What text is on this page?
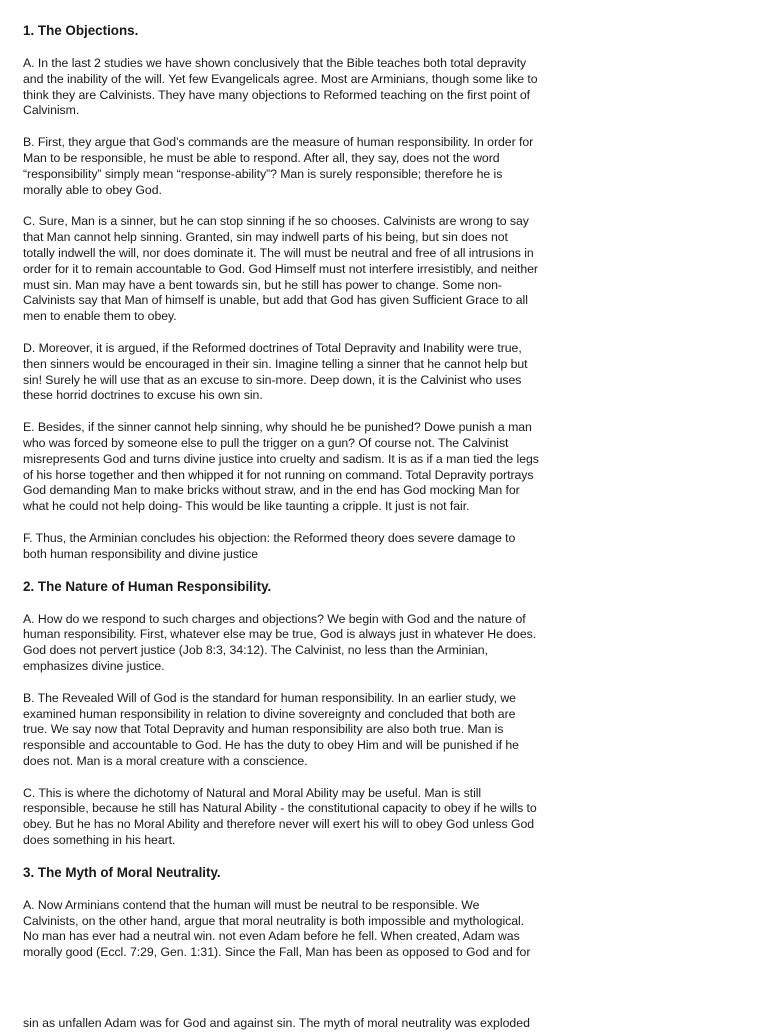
1. The Objections.

A. In the last 2 studies we have shown conclusively that the Bible teaches both total depravity
and the inability of the will. Yet few Evangelicals agree. Most are Arminians, though some like to
think they are Calvinists. They have many objections to Reformed teaching on the first point of
Calvinism.

B. First, they argue that God’s commands are the measure of human responsibility. In order for
Man to be responsible, he must be able to respond. After all, they say, does not the word
“responsibility” simply mean “response-ability”? Man is surely responsible; therefore he is
morally able to obey God.

C. Sure, Man is a sinner, but he can stop sinning if he so chooses. Calvinists are wrong to say
that Man cannot help sinning. Granted, sin may indwell parts of his being, but sin does not
totally indwell the will, nor does dominate it. The will must be neutral and free of all intrusions in
order for it to remain accountable to God. God Himself must not interfere irresistibly, and neither
must sin. Man may have a bent towards sin, but he still has power to change. Some non-
Calvinists say that Man of himself is unable, but add that God has given Sufficient Grace to all
men to enable them to obey.

D. Moreover, it is argued, if the Reformed doctrines of Total Depravity and Inability were true,
then sinners would be encouraged in their sin. Imagine telling a sinner that he cannot help but
sin! Surely he will use that as an excuse to sin-more. Deep down, it is the Calvinist who uses
these horrid doctrines to excuse his own sin.

E. Besides, if the sinner cannot help sinning, why should he be punished? Dowe punish a man
who was forced by someone else to pull the trigger on a gun? Of course not. The Calvinist
misrepresents God and turns divine justice into cruelty and sadism. It is as if a man tied the legs
of his horse together and then whipped it for not running on command. Total Depravity portrays
God demanding Man to make bricks without straw, and in the end has God mocking Man for
what he could not help doing- This would be like taunting a cripple. It just is not fair.

F. Thus, the Arminian concludes his objection: the Reformed theory does severe damage to
both human responsibility and divine justice

2. The Nature of Human Responsibility.

A. How do we respond to such charges and objections? We begin with God and the nature of
human responsibility. First, whatever else may be true, God is always just in whatever He does.
God does not pervert justice (Job 8:3, 34:12). The Calvinist, no less than the Arminian,
emphasizes divine justice.

B. The Revealed Will of God is the standard for human responsibility. In an earlier study, we
examined human responsibility in relation to divine sovereignty and concluded that both are
true. We say now that Total Depravity and human responsibility are also both true. Man is
responsible and accountable to God. He has the duty to obey Him and will be punished if he
does not. Man is a moral creature with a conscience.

C. This is where the dichotomy of Natural and Moral Ability may be useful. Man is still
responsible, because he still has Natural Ability - the constitutional capacity to obey if he wills to
obey. But he has no Moral Ability and therefore never will exert his will to obey God unless God
does something in his heart.

3. The Myth of Moral Neutrality.

A. Now Arminians contend that the human will must be neutral to be responsible. We
Calvinists, on the other hand, argue that moral neutrality is both impossible and mythological.
No man has ever had a neutral win. not even Adam before he fell. When created, Adam was
morally good (Eccl. 7:29, Gen. 1:31). Since the Fall, Man has been as opposed to God and for

sin as unfallen Adam was for God and against sin. The myth of moral neutrality was exploded
